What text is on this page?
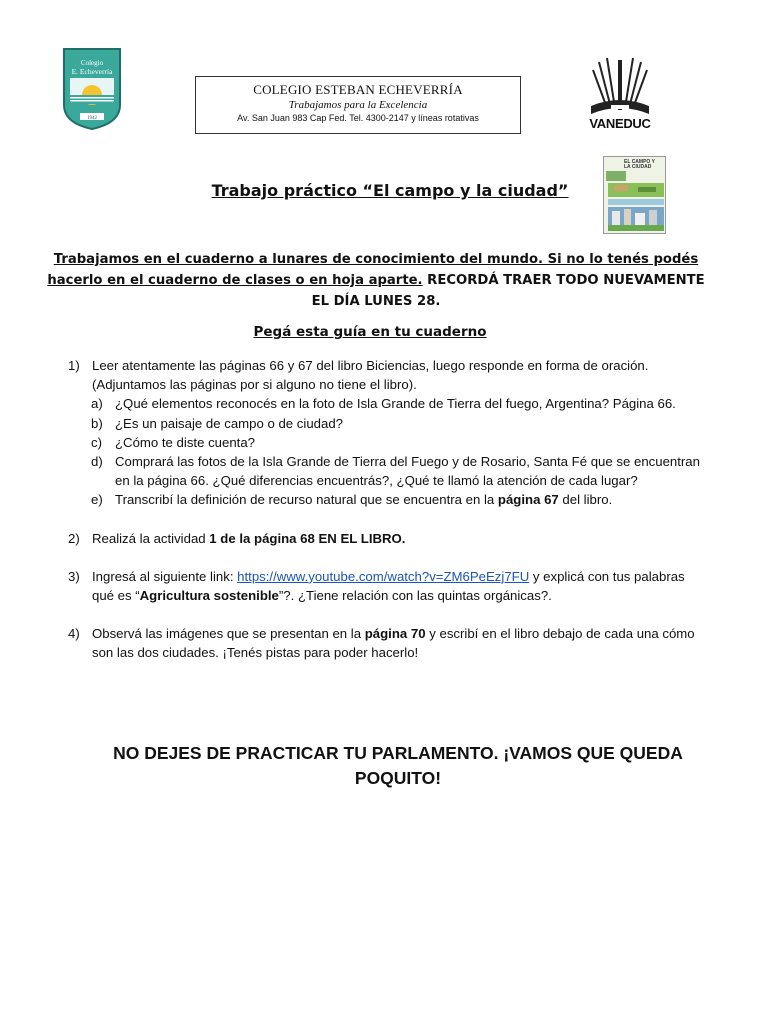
Colegio
E. Echeverría
1942
COLEGIO ESTEBAN ECHEVERRÍA
Trabajamos para la Excelencia
Av. San Juan 983 Cap Fed. Tel. 4300-2147 y líneas rotativas	VANEDUC
EL CAMPO Y
LA CIUDAD
Trabajo práctico “El campo y la ciudad”
Trabajamos en el cuaderno a lunares de conocimiento del mundo. Si no lo tenés podés hacerlo en el cuaderno de clases o en hoja aparte. RECORDÁ TRAER TODO NUEVAMENTE EL DÍA LUNES 28.
Pegá esta guía en tu cuaderno
1) Leer atentamente las páginas 66 y 67 del libro Biciencias, luego responde en forma de oración. (Adjuntamos las páginas por si alguno no tiene el libro).
a) ¿Qué elementos reconocés en la foto de Isla Grande de Tierra del fuego, Argentina? Página 66.
b) ¿Es un paisaje de campo o de ciudad?
c) ¿Cómo te diste cuenta?
d) Comprará las fotos de la Isla Grande de Tierra del Fuego y de Rosario, Santa Fé que se encuentran en la página 66. ¿Qué diferencias encuentrás?, ¿Qué te llamó la atención de cada lugar?
e) Transcribí la definición de recurso natural que se encuentra en la página 67 del libro.
2) Realizá la actividad 1 de la página 68 EN EL LIBRO.
3) Ingresá al siguiente link: https://www.youtube.com/watch?v=ZM6PeEzj7FU y explicá con tus palabras qué es “Agricultura sostenible”?. ¿Tiene relación con las quintas orgánicas?.
4) Observá las imágenes que se presentan en la página 70 y escribí en el libro debajo de cada una cómo son las dos ciudades. ¡Tenés pistas para poder hacerlo!
NO DEJES DE PRACTICAR TU PARLAMENTO. ¡VAMOS QUE QUEDA POQUITO!
